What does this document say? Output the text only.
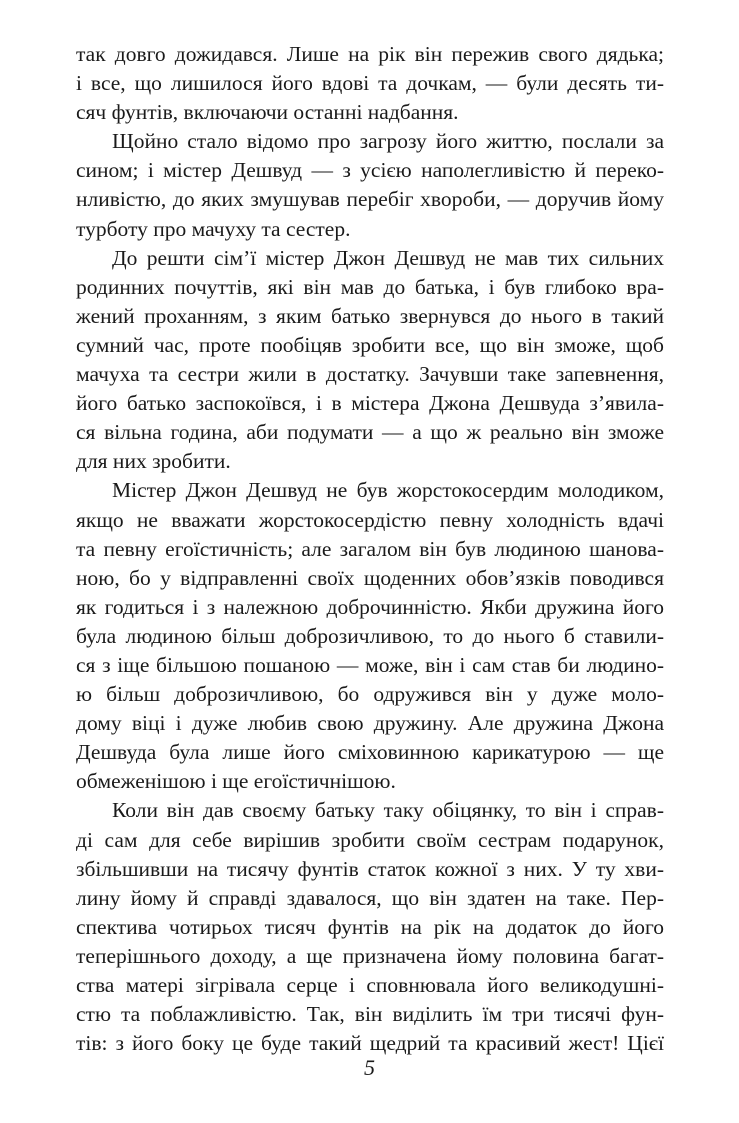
так довго дожидався. Лише на рік він пережив свого дядька;
і все, що лишилося його вдові та дочкам, — були десять ти-
сяч фунтів, включаючи останні надбання.
Щойно стало відомо про загрозу його життю, послали за
сином; і містер Дешвуд — з усією наполегливістю й переко-
нливістю, до яких змушував перебіг хвороби, — доручив йому
турботу про мачуху та сестер.
До решти сім’ї містер Джон Дешвуд не мав тих сильних
родинних почуттів, які він мав до батька, і був глибоко вра-
жений проханням, з яким батько звернувся до нього в такий
сумний час, проте пообіцяв зробити все, що він зможе, щоб
мачуха та сестри жили в достатку. Зачувши таке запевнення,
його батько заспокоївся, і в містера Джона Дешвуда з’явила-
ся вільна година, аби подумати — а що ж реально він зможе
для них зробити.
Містер Джон Дешвуд не був жорстокосердим молодиком,
якщо не вважати жорстокосердістю певну холодність вдачі
та певну егоїстичність; але загалом він був людиною шанова-
ною, бо у відправленні своїх щоденних обов’язків поводився
як годиться і з належною доброчинністю. Якби дружина його
була людиною більш доброзичливою, то до нього б ставили-
ся з іще більшою пошаною — може, він і сам став би людино-
ю більш доброзичливою, бо одружився він у дуже моло-
дому віці і дуже любив свою дружину. Але дружина Джона
Дешвуда була лише його сміховинною карикатурою — ще
обмеженішою і ще егоїстичнішою.
Коли він дав своєму батьку таку обіцянку, то він і справ-
ді сам для себе вирішив зробити своїм сестрам подарунок,
збільшивши на тисячу фунтів статок кожної з них. У ту хви-
лину йому й справді здавалося, що він здатен на таке. Пер-
спектива чотирьох тисяч фунтів на рік на додаток до його
теперішнього доходу, а ще призначена йому половина багат-
ства матері зігрівала серце і сповнювала його великодушні-
стю та поблажливістю. Так, він виділить їм три тисячі фун-
тів: з його боку це буде такий щедрий та красивий жест! Цієї
5
